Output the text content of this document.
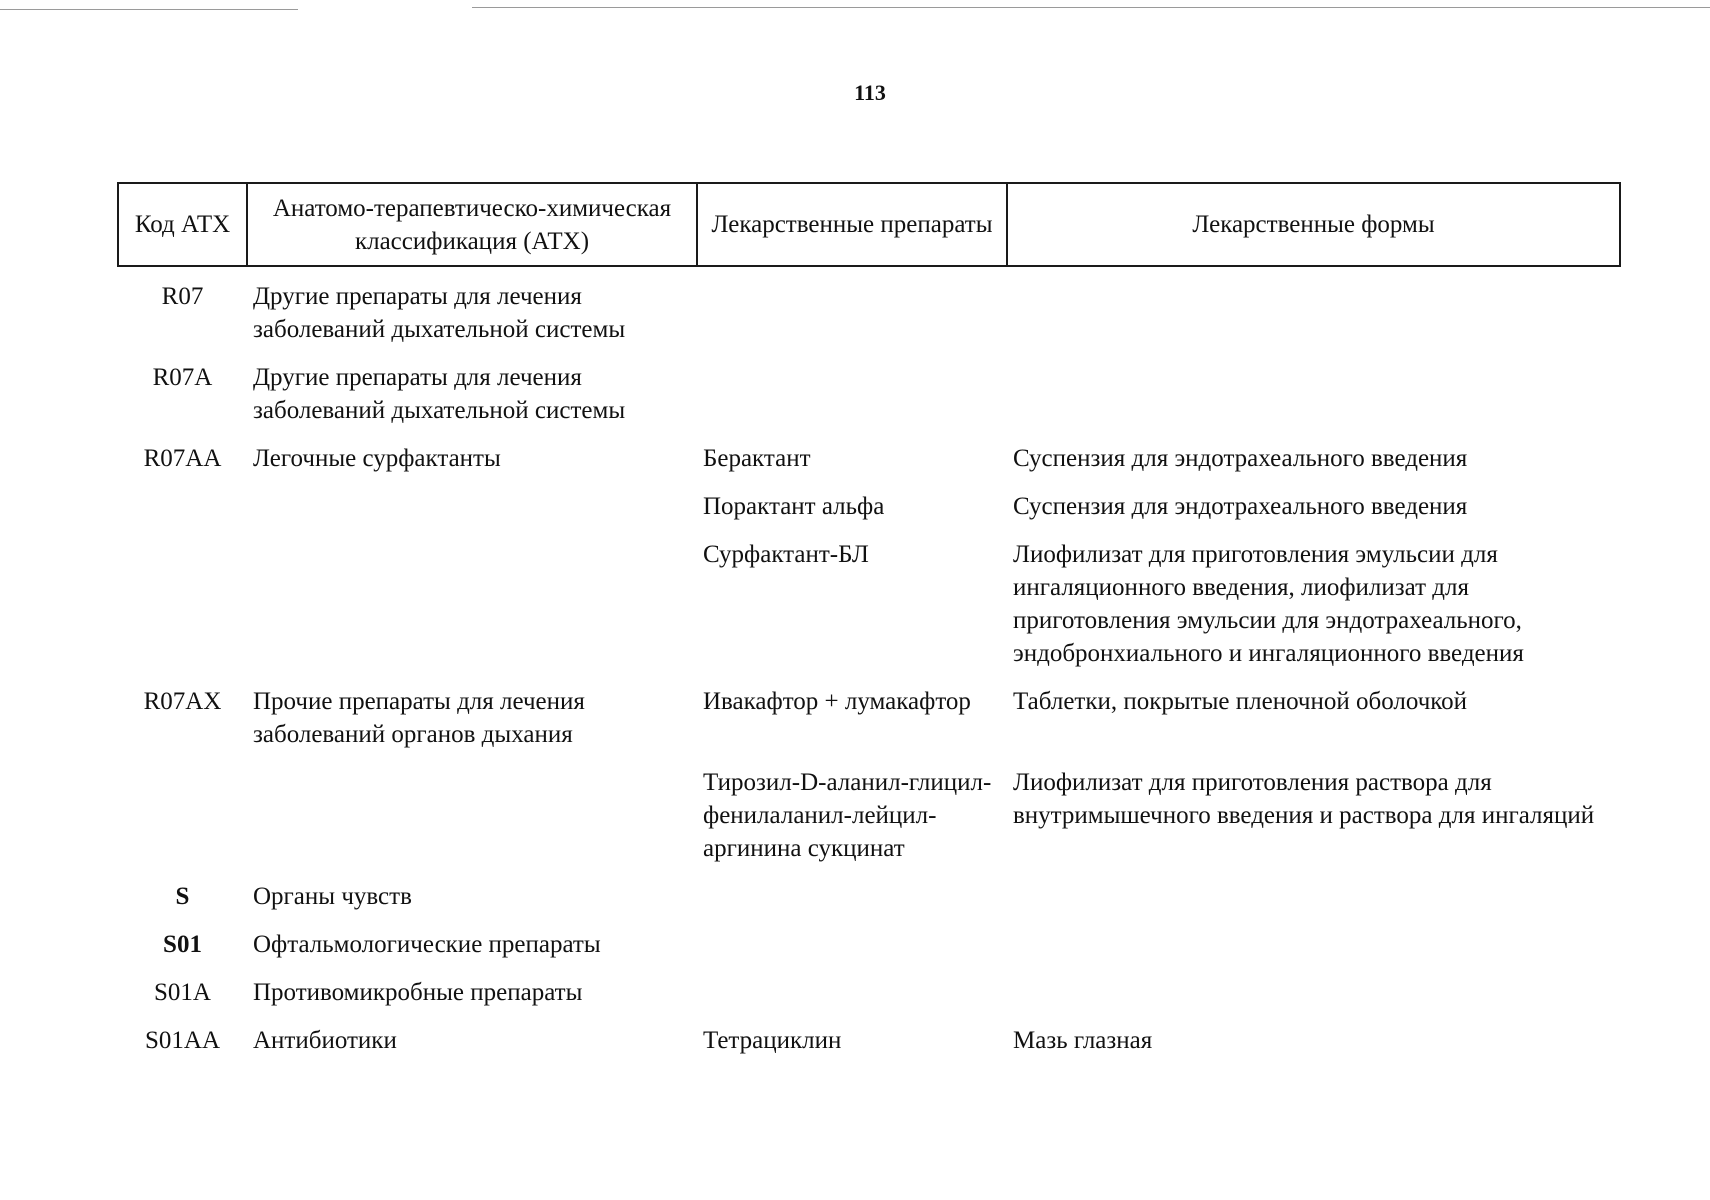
113
Код АТХ	Анатомо-терапевтическо-химическая классификация (АТХ)	Лекарственные препараты	Лекарственные формы
R07	Другие препараты для лечения заболеваний дыхательной системы		
R07A	Другие препараты для лечения заболеваний дыхательной системы		
R07AA	Легочные сурфактанты	Берактант	Суспензия для эндотрахеального введения
		Порактант альфа	Суспензия для эндотрахеального введения
		Сурфактант-БЛ	Лиофилизат для приготовления эмульсии для ингаляционного введения, лиофилизат для приготовления эмульсии для эндотрахеального, эндобронхиального и ингаляционного введения
R07AX	Прочие препараты для лечения заболеваний органов дыхания	Ивакафтор + лумакафтор	Таблетки, покрытые пленочной оболочкой
		Тирозил-D-аланил-глицил-фенилаланил-лейцил-аргинина сукцинат	Лиофилизат для приготовления раствора для внутримышечного введения и раствора для ингаляций
S	Органы чувств		
S01	Офтальмологические препараты		
S01A	Противомикробные препараты		
S01AA	Антибиотики	Тетрациклин	Мазь глазная
